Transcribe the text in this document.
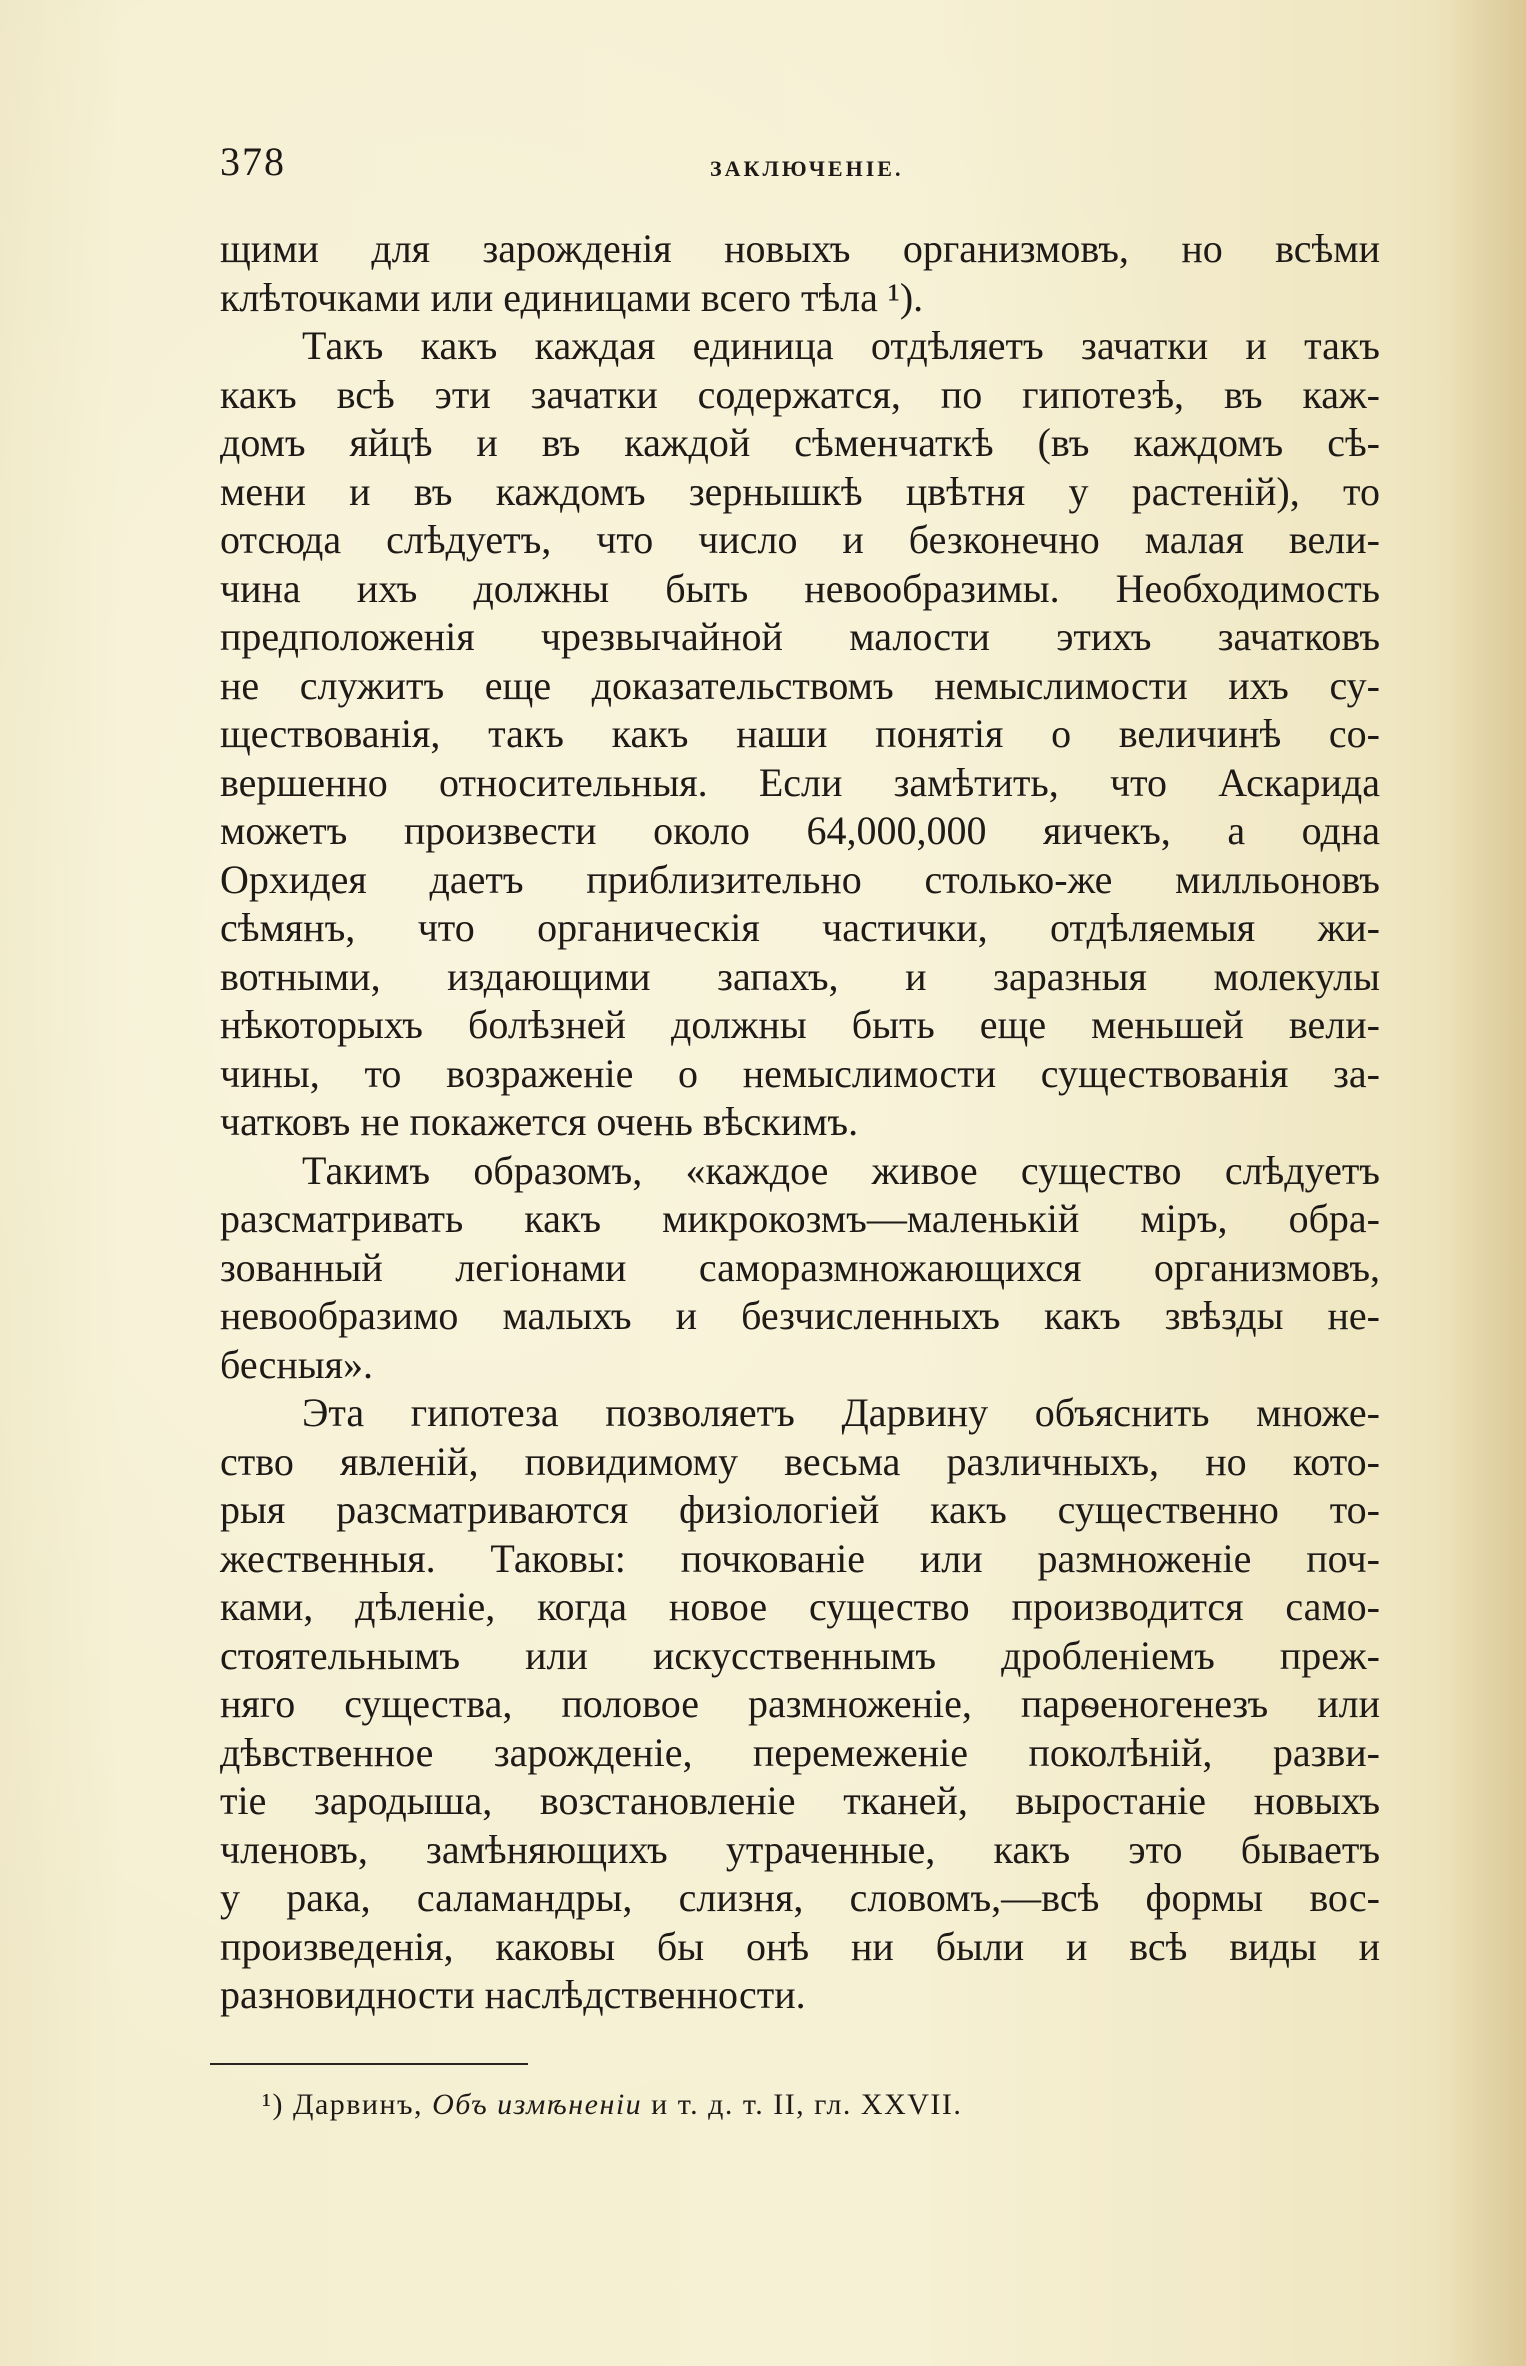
378	ЗАКЛЮЧЕНІЕ.
щими для зарожденія новыхъ организмовъ, но всѣми
клѣточками или единицами всего тѣла ¹).
Такъ какъ каждая единица отдѣляетъ зачатки и такъ
какъ всѣ эти зачатки содержатся, по гипотезѣ, въ каж-
домъ яйцѣ и въ каждой сѣменчаткѣ (въ каждомъ сѣ-
мени и въ каждомъ зернышкѣ цвѣтня у растеній), то
отсюда слѣдуетъ, что число и безконечно малая вели-
чина ихъ должны быть невообразимы. Необходимость
предположенія чрезвычайной малости этихъ зачатковъ
не служитъ еще доказательствомъ немыслимости ихъ су-
ществованія, такъ какъ наши понятія о величинѣ со-
вершенно относительныя. Если замѣтить, что Аскарида
можетъ произвести около 64,000,000 яичекъ, а одна
Орхидея даетъ приблизительно столько-же милльоновъ
сѣмянъ, что органическія частички, отдѣляемыя жи-
вотными, издающими запахъ, и заразныя молекулы
нѣкоторыхъ болѣзней должны быть еще меньшей вели-
чины, то возраженіе о немыслимости существованія за-
чатковъ не покажется очень вѣскимъ.
Такимъ образомъ, «каждое живое существо слѣдуетъ
разсматривать какъ микрокозмъ—маленькій міръ, обра-
зованный легіонами саморазмножающихся организмовъ,
невообразимо малыхъ и безчисленныхъ какъ звѣзды не-
бесныя».
Эта гипотеза позволяетъ Дарвину объяснить множе-
ство явленій, повидимому весьма различныхъ, но кото-
рыя разсматриваются физіологіей какъ существенно то-
жественныя. Таковы: почкованіе или размноженіе поч-
ками, дѣленіе, когда новое существо производится само-
стоятельнымъ или искусственнымъ дробленіемъ преж-
няго существа, половое размноженіе, парѳеногенезъ или
дѣвственное зарожденіе, перемеженіе поколѣній, разви-
тіе зародыша, возстановленіе тканей, выростаніе новыхъ
членовъ, замѣняющихъ утраченные, какъ это бываетъ
у рака, саламандры, слизня, словомъ,—всѣ формы вос-
произведенія, каковы бы онѣ ни были и всѣ виды и
разновидности наслѣдственности.
¹) Дарвинъ, Объ измѣненіи и т. д. т. II, гл. XXVII.
